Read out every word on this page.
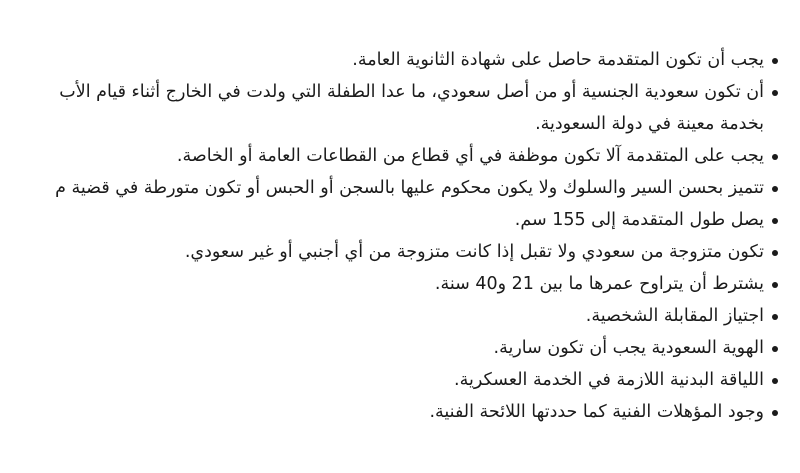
يجب أن تكون المتقدمة حاصل على شهادة الثانوية العامة.
أن تكون سعودية الجنسية أو من أصل سعودي، ما عدا الطفلة التي ولدت في الخارج أثناء قيام الأب
بخدمة معينة في دولة السعودية.
يجب على المتقدمة آلا تكون موظفة في أي قطاع من القطاعات العامة أو الخاصة.
تتميز بحسن السير والسلوك ولا يكون محكوم عليها بالسجن أو الحبس أو تكون متورطة في قضية م
يصل طول المتقدمة إلى 155 سم.
تكون متزوجة من سعودي ولا تقبل إذا كانت متزوجة من أي أجنبي أو غير سعودي.
يشترط أن يتراوح عمرها ما بين 21 و40 سنة.
اجتياز المقابلة الشخصية.
الهوية السعودية يجب أن تكون سارية.
اللياقة البدنية اللازمة في الخدمة العسكرية.
وجود المؤهلات الفنية كما حددتها اللائحة الفنية.
